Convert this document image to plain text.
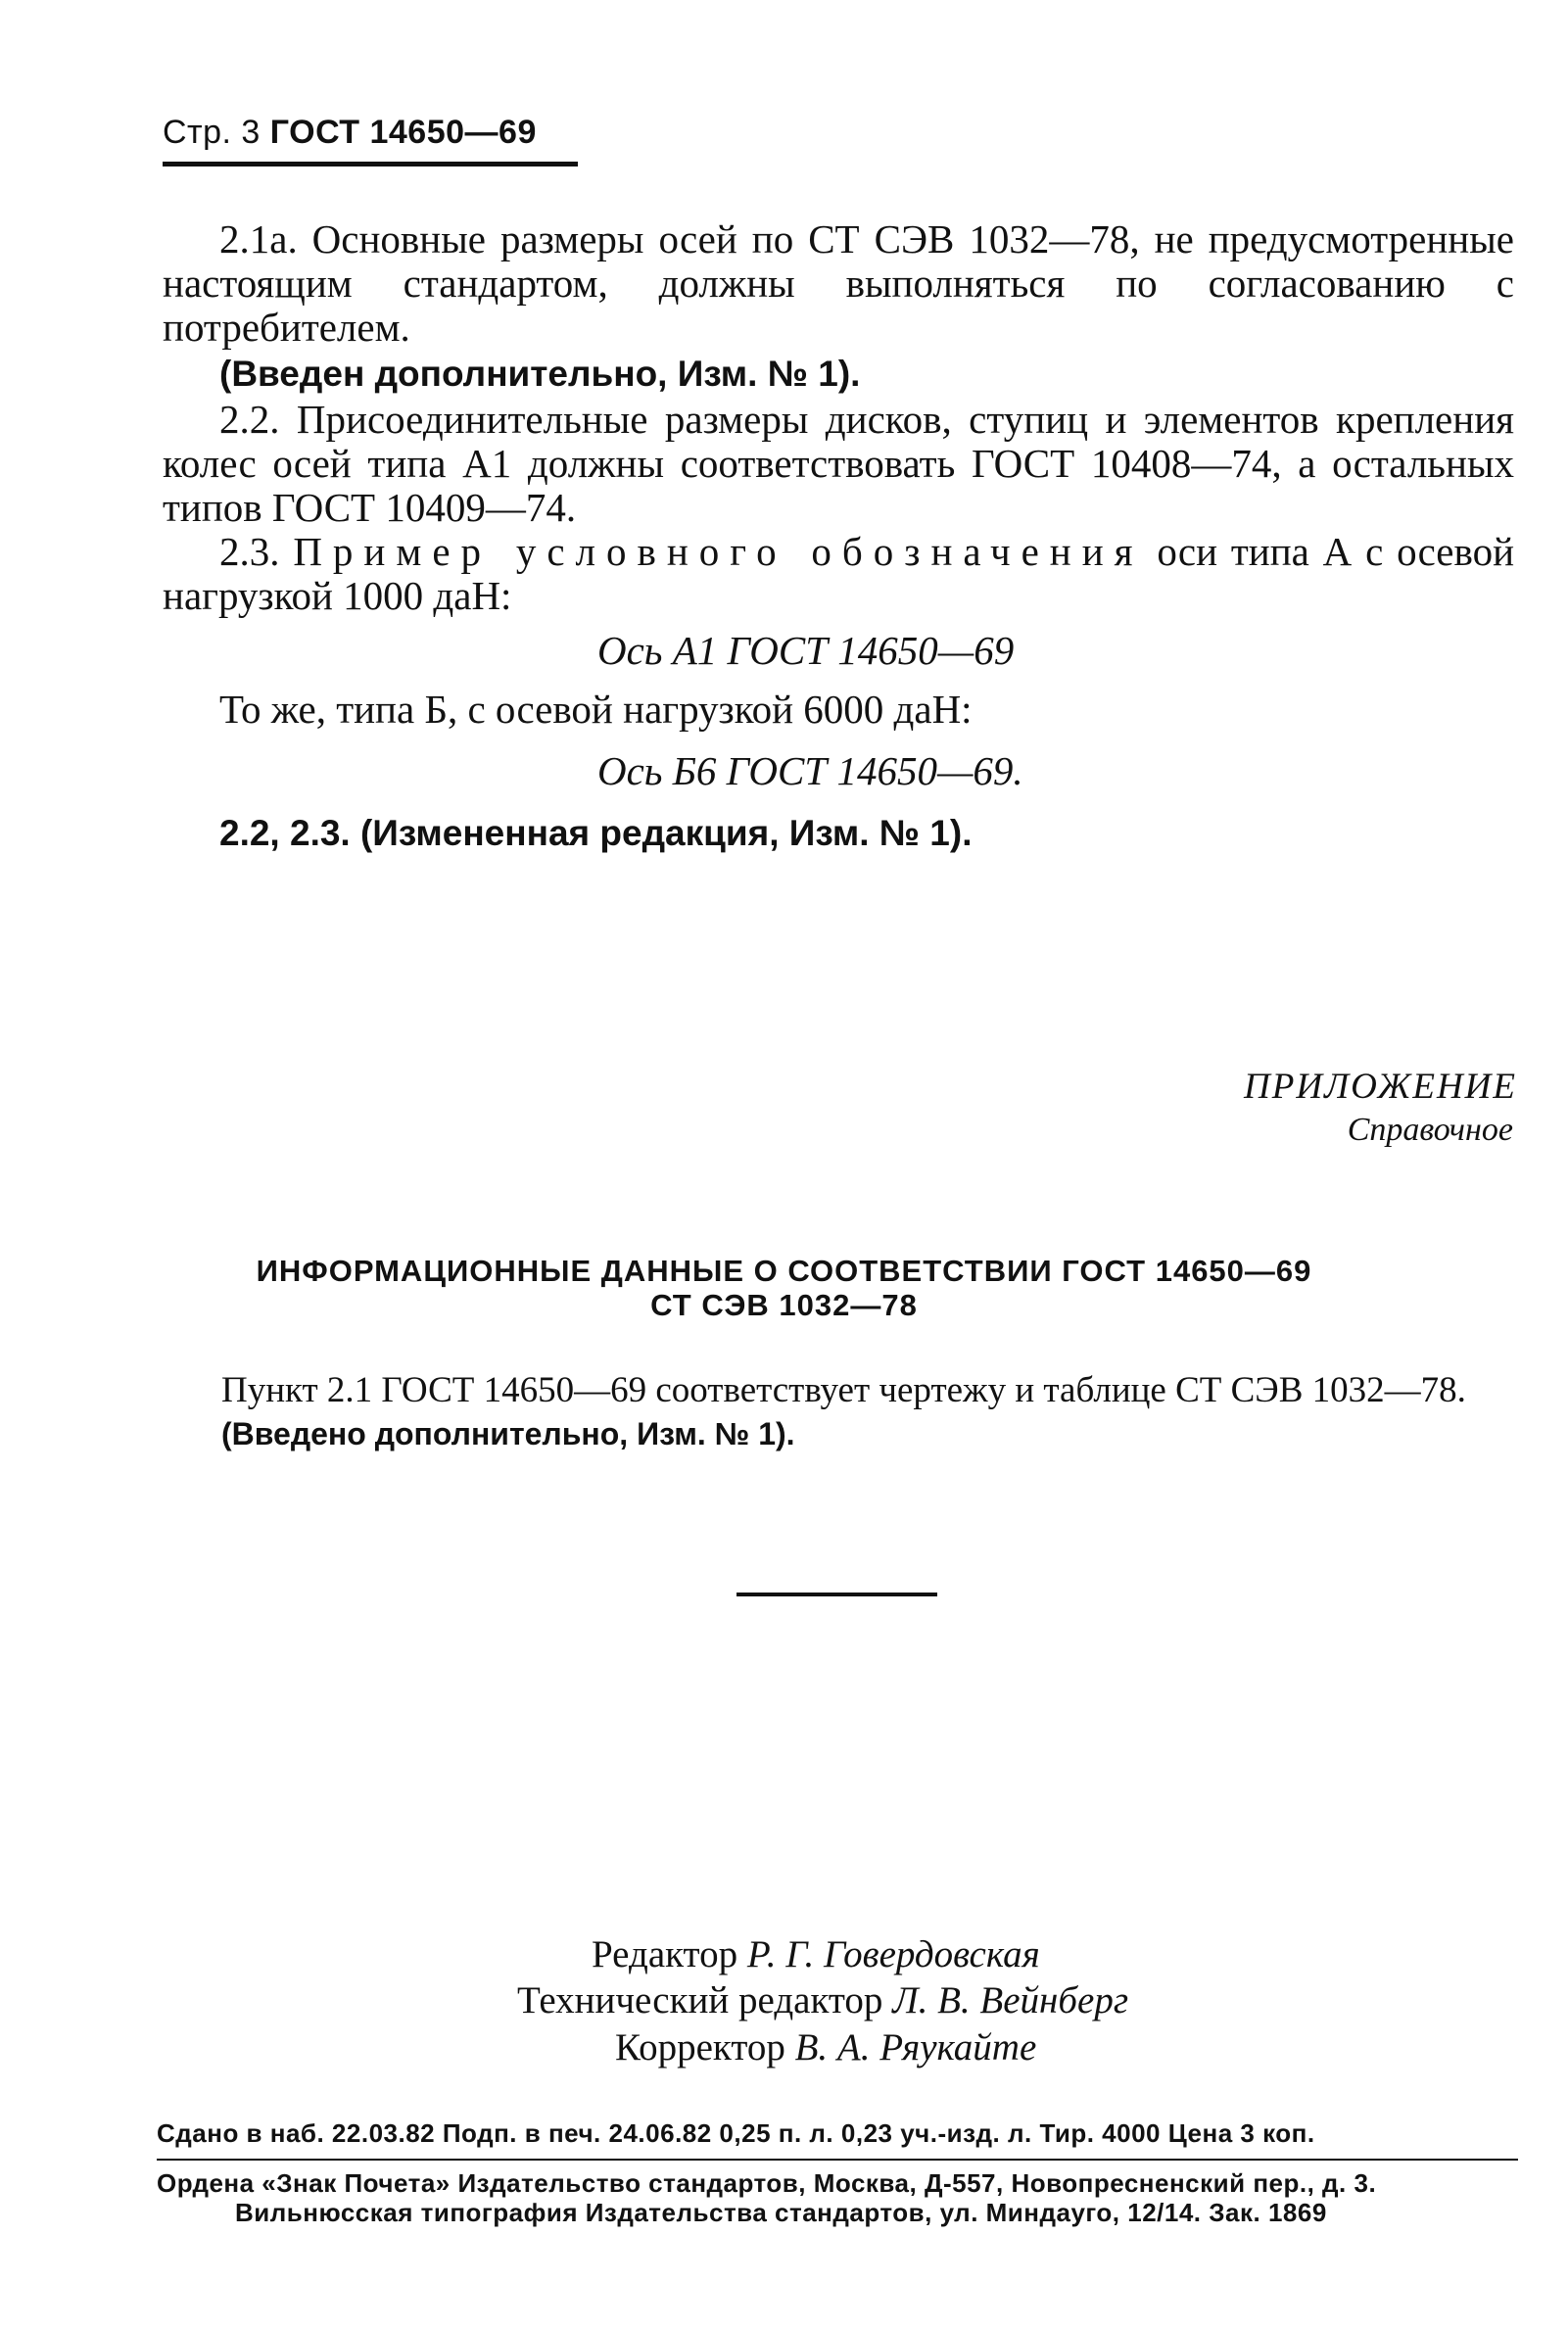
Стр. 3 ГОСТ 14650—69

2.1а. Основные размеры осей по СТ СЭВ 1032—78, не предусмотренные настоящим стандартом, должны выполняться по согласованию с потребителем.

(Введен дополнительно, Изм. № 1).

2.2. Присоединительные размеры дисков, ступиц и элементов крепления колес осей типа А1 должны соответствовать ГОСТ 10408—74, а остальных типов ГОСТ 10409—74.

2.3. Пример условного обозначения оси типа А с осевой нагрузкой 1000 даН:

Ось А1 ГОСТ 14650—69
То же, типа Б, с осевой нагрузкой 6000 даН:
Ось Б6 ГОСТ 14650—69.
2.2, 2.3. (Измененная редакция, Изм. № 1).
ПРИЛОЖЕНИЕ
Справочное
ИНФОРМАЦИОННЫЕ ДАННЫЕ О СООТВЕТСТВИИ ГОСТ 14650—69
СТ СЭВ 1032—78

Пункт 2.1 ГОСТ 14650—69 соответствует чертежу и таблице СТ СЭВ 1032—78.

(Введено дополнительно, Изм. № 1).

Редактор Р. Г. Говердовская
Технический редактор Л. В. Вейнберг
Корректор В. А. Ряукайте
Сдано в наб. 22.03.82 Подп. в печ. 24.06.82 0,25 п. л. 0,23 уч.-изд. л. Тир. 4000 Цена 3 коп.
Ордена «Знак Почета» Издательство стандартов, Москва, Д-557, Новопресненский пер., д. 3.
Вильнюсская типография Издательства стандартов, ул. Миндауго, 12/14. Зак. 1869
